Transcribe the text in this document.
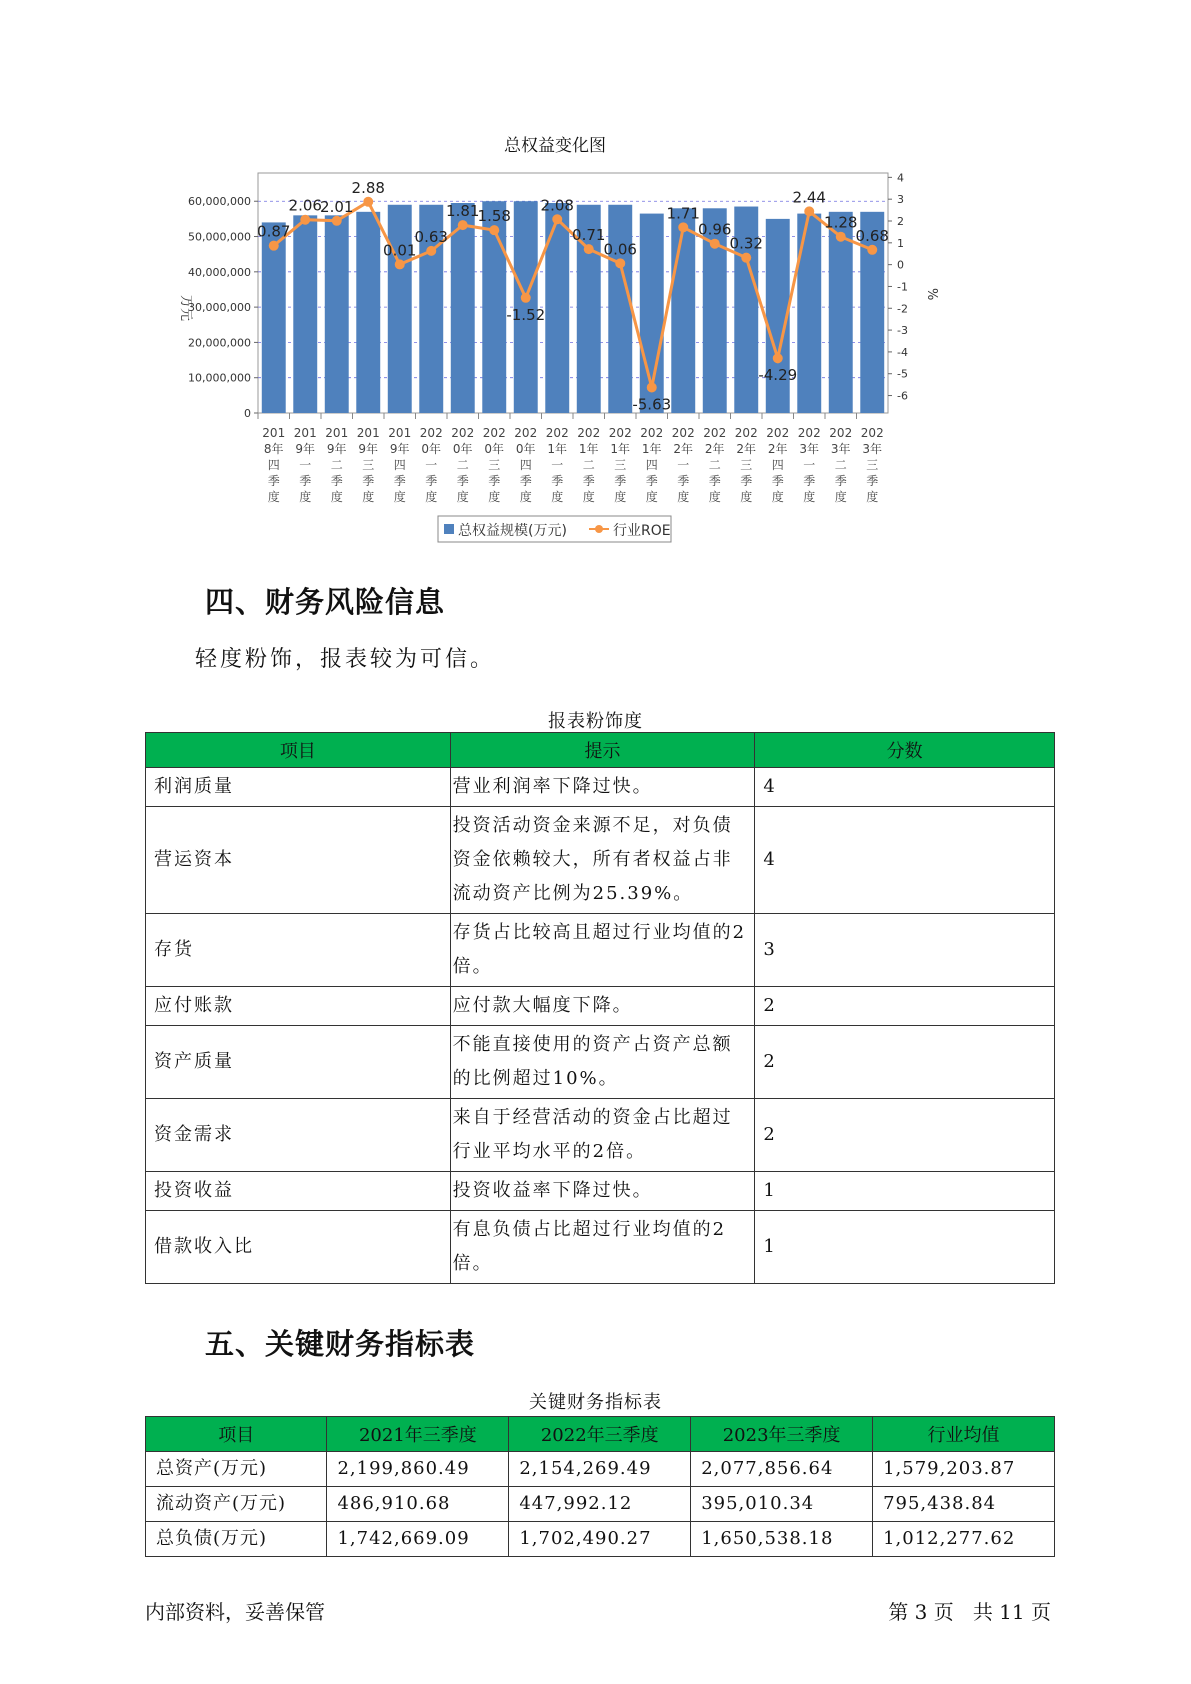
总权益变化图
0.87
2.06
2.01
2.88
0.01
0.63
1.81
1.58
-1.52
2.08
0.71
0.06
-5.63
1.71
0.96
0.32
-4.29
2.44
1.28
0.68
0
10,000,000
20,000,000
30,000,000
40,000,000
50,000,000
60,000,000
4
3
2
1
0
-1
-2
-3
-4
-5
-6
201 8年四季度
201 9年一季度
201 9年二季度
201 9年三季度
201 9年四季度
202 0年一季度
202 0年二季度
202 0年三季度
202 0年四季度
202 1年一季度
202 1年二季度
202 1年三季度
202 1年四季度
202 2年一季度
202 2年二季度
202 2年三季度
202 2年四季度
202 3年一季度
202 3年二季度
202 3年三季度
万元
%
总权益规模(万元)	行业ROE
四、财务风险信息
轻度粉饰，报表较为可信。
报表粉饰度
项目	提示	分数
利润质量	营业利润率下降过快。	4
营运资本	投资活动资金来源不足，对负债资金依赖较大，所有者权益占非流动资产比例为25.39%。	4
存货	存货占比较高且超过行业均值的2倍。	3
应付账款	应付款大幅度下降。	2
资产质量	不能直接使用的资产占资产总额的比例超过10%。	2
资金需求	来自于经营活动的资金占比超过行业平均水平的2倍。	2
投资收益	投资收益率下降过快。	1
借款收入比	有息负债占比超过行业均值的2倍。	1
五、关键财务指标表
关键财务指标表
项目	2021年三季度	2022年三季度	2023年三季度	行业均值
总资产(万元)	2,199,860.49	2,154,269.49	2,077,856.64	1,579,203.87
流动资产(万元)	486,910.68	447,992.12	395,010.34	795,438.84
总负债(万元)	1,742,669.09	1,702,490.27	1,650,538.18	1,012,277.62
内部资料，妥善保管	第 3 页   共 11 页
